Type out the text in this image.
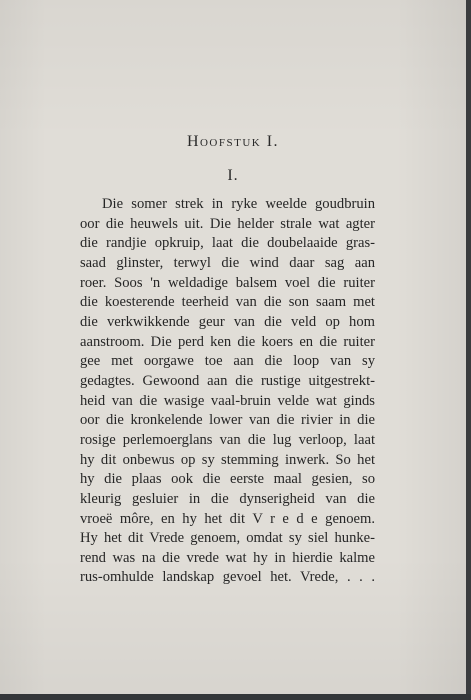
Hoofstuk I.
I.
Die somer strek in ryke weelde goudbruin
oor die heuwels uit. Die helder strale wat agter
die randjie opkruip, laat die doubelaaide gras-
saad glinster, terwyl die wind daar sag aan
roer. Soos 'n weldadige balsem voel die ruiter
die koesterende teerheid van die son saam met
die verkwikkende geur van die veld op hom
aanstroom. Die perd ken die koers en die ruiter
gee met oorgawe toe aan die loop van sy
gedagtes. Gewoond aan die rustige uitgestrekt-
heid van die wasige vaal-bruin velde wat ginds
oor die kronkelende lower van die rivier in die
rosige perlemoerglans van die lug verloop, laat
hy dit onbewus op sy stemming inwerk. So het
hy die plaas ook die eerste maal gesien, so
kleurig gesluier in die dynserigheid van die
vroeë môre, en hy het dit V r e d e genoem.
Hy het dit Vrede genoem, omdat sy siel hunke-
rend was na die vrede wat hy in hierdie kalme
rus-omhulde landskap gevoel het. Vrede, . . .
